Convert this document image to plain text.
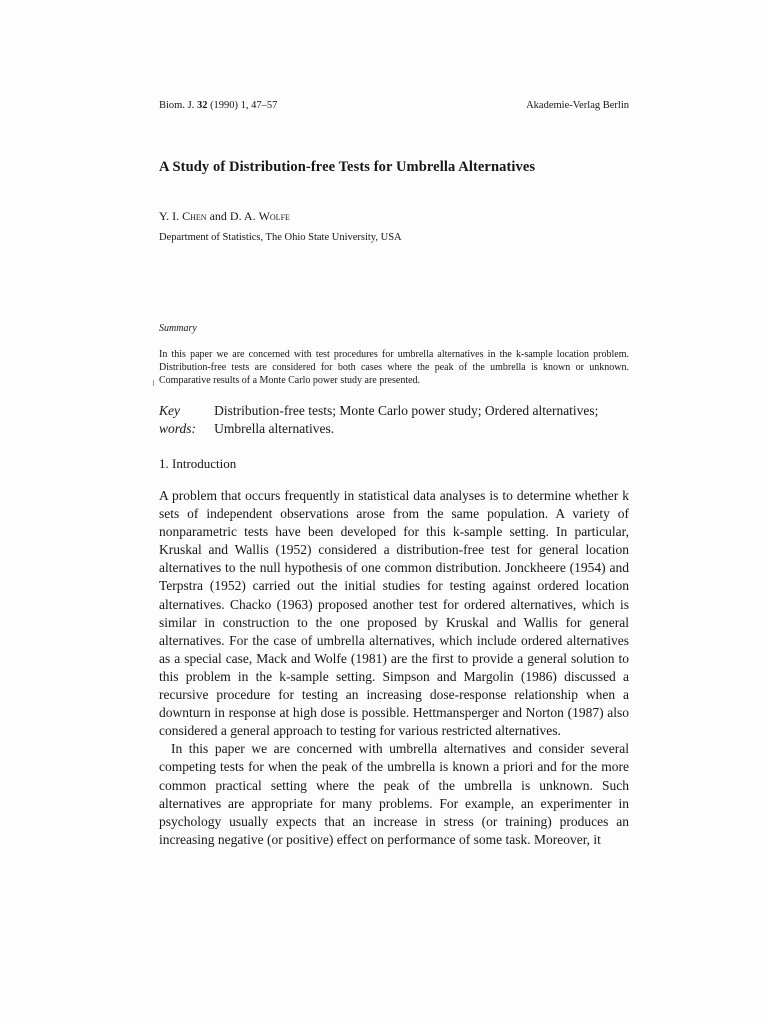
Biom. J. 32 (1990) 1, 47–57	Akademie-Verlag Berlin
A Study of Distribution-free Tests for Umbrella Alternatives
Y. I. Chen and D. A. Wolfe
Department of Statistics, The Ohio State University, USA
Summary
In this paper we are concerned with test procedures for umbrella alternatives in the k-sample location problem. Distribution-free tests are considered for both cases where the peak of the umbrella is known or unknown. Comparative results of a Monte Carlo power study are presented.
Key words:
Distribution-free tests; Monte Carlo power study; Ordered alternatives; Umbrella alternatives.
1. Introduction

A problem that occurs frequently in statistical data analyses is to determine whether k sets of independent observations arose from the same population. A variety of nonparametric tests have been developed for this k-sample setting. In particular, Kruskal and Wallis (1952) considered a distribution-free test for general location alternatives to the null hypothesis of one common distribution. Jonckheere (1954) and Terpstra (1952) carried out the initial studies for testing against ordered location alternatives. Chacko (1963) proposed another test for ordered alternatives, which is similar in construction to the one proposed by Kruskal and Wallis for general alternatives. For the case of umbrella alternatives, which include ordered alternatives as a special case, Mack and Wolfe (1981) are the first to provide a general solution to this problem in the k-sample setting. Simpson and Margolin (1986) discussed a recursive procedure for testing an increasing dose-response relationship when a downturn in response at high dose is possible. Hettmansperger and Norton (1987) also considered a general approach to testing for various restricted alternatives.

In this paper we are concerned with umbrella alternatives and consider several competing tests for when the peak of the umbrella is known a priori and for the more common practical setting where the peak of the umbrella is unknown. Such alternatives are appropriate for many problems. For example, an experimenter in psychology usually expects that an increase in stress (or training) produces an increasing negative (or positive) effect on performance of some task. Moreover, it
